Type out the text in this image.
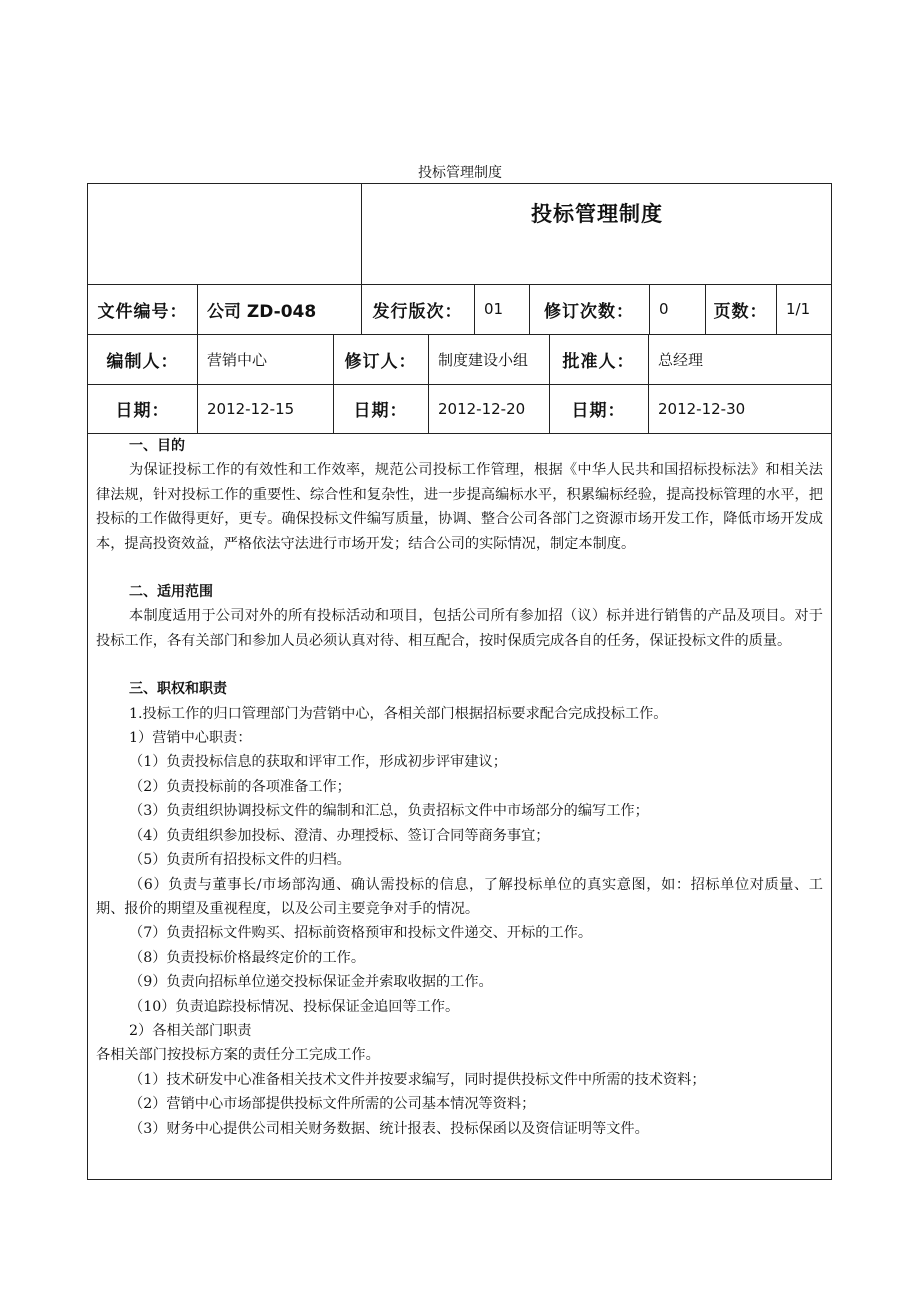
投标管理制度
投标管理制度
文件编号：	公司 ZD-048	发行版次：	01	修订次数：	0	页数：	1/1
编制人：	营销中心	修订人：	制度建设小组	批准人：	总经理
日期：	2012-12-15	日期：	2012-12-20	日期：	2012-12-30

一、目的

为保证投标工作的有效性和工作效率，规范公司投标工作管理，根据《中华人民共和国招标投标法》和相关法律法规，针对投标工作的重要性、综合性和复杂性，进一步提高编标水平，积累编标经验，提高投标管理的水平，把投标的工作做得更好，更专。确保投标文件编写质量，协调、整合公司各部门之资源市场开发工作，降低市场开发成本，提高投资效益，严格依法守法进行市场开发；结合公司的实际情况，制定本制度。

二、适用范围

本制度适用于公司对外的所有投标活动和项目，包括公司所有参加招（议）标并进行销售的产品及项目。对于投标工作，各有关部门和参加人员必须认真对待、相互配合，按时保质完成各自的任务，保证投标文件的质量。

三、职权和职责

1.投标工作的归口管理部门为营销中心，各相关部门根据招标要求配合完成投标工作。

1）营销中心职责：

（1）负责投标信息的获取和评审工作，形成初步评审建议；

（2）负责投标前的各项准备工作；

（3）负责组织协调投标文件的编制和汇总，负责招标文件中市场部分的编写工作；

（4）负责组织参加投标、澄清、办理授标、签订合同等商务事宜；

（5）负责所有招投标文件的归档。

（6）负责与董事长/市场部沟通、确认需投标的信息，了解投标单位的真实意图，如：招标单位对质量、工期、报价的期望及重视程度，以及公司主要竞争对手的情况。

（7）负责招标文件购买、招标前资格预审和投标文件递交、开标的工作。

（8）负责投标价格最终定价的工作。

（9）负责向招标单位递交投标保证金并索取收据的工作。

（10）负责追踪投标情况、投标保证金追回等工作。

2）各相关部门职责

各相关部门按投标方案的责任分工完成工作。

（1）技术研发中心准备相关技术文件并按要求编写，同时提供投标文件中所需的技术资料；

（2）营销中心市场部提供投标文件所需的公司基本情况等资料；

（3）财务中心提供公司相关财务数据、统计报表、投标保函以及资信证明等文件。
